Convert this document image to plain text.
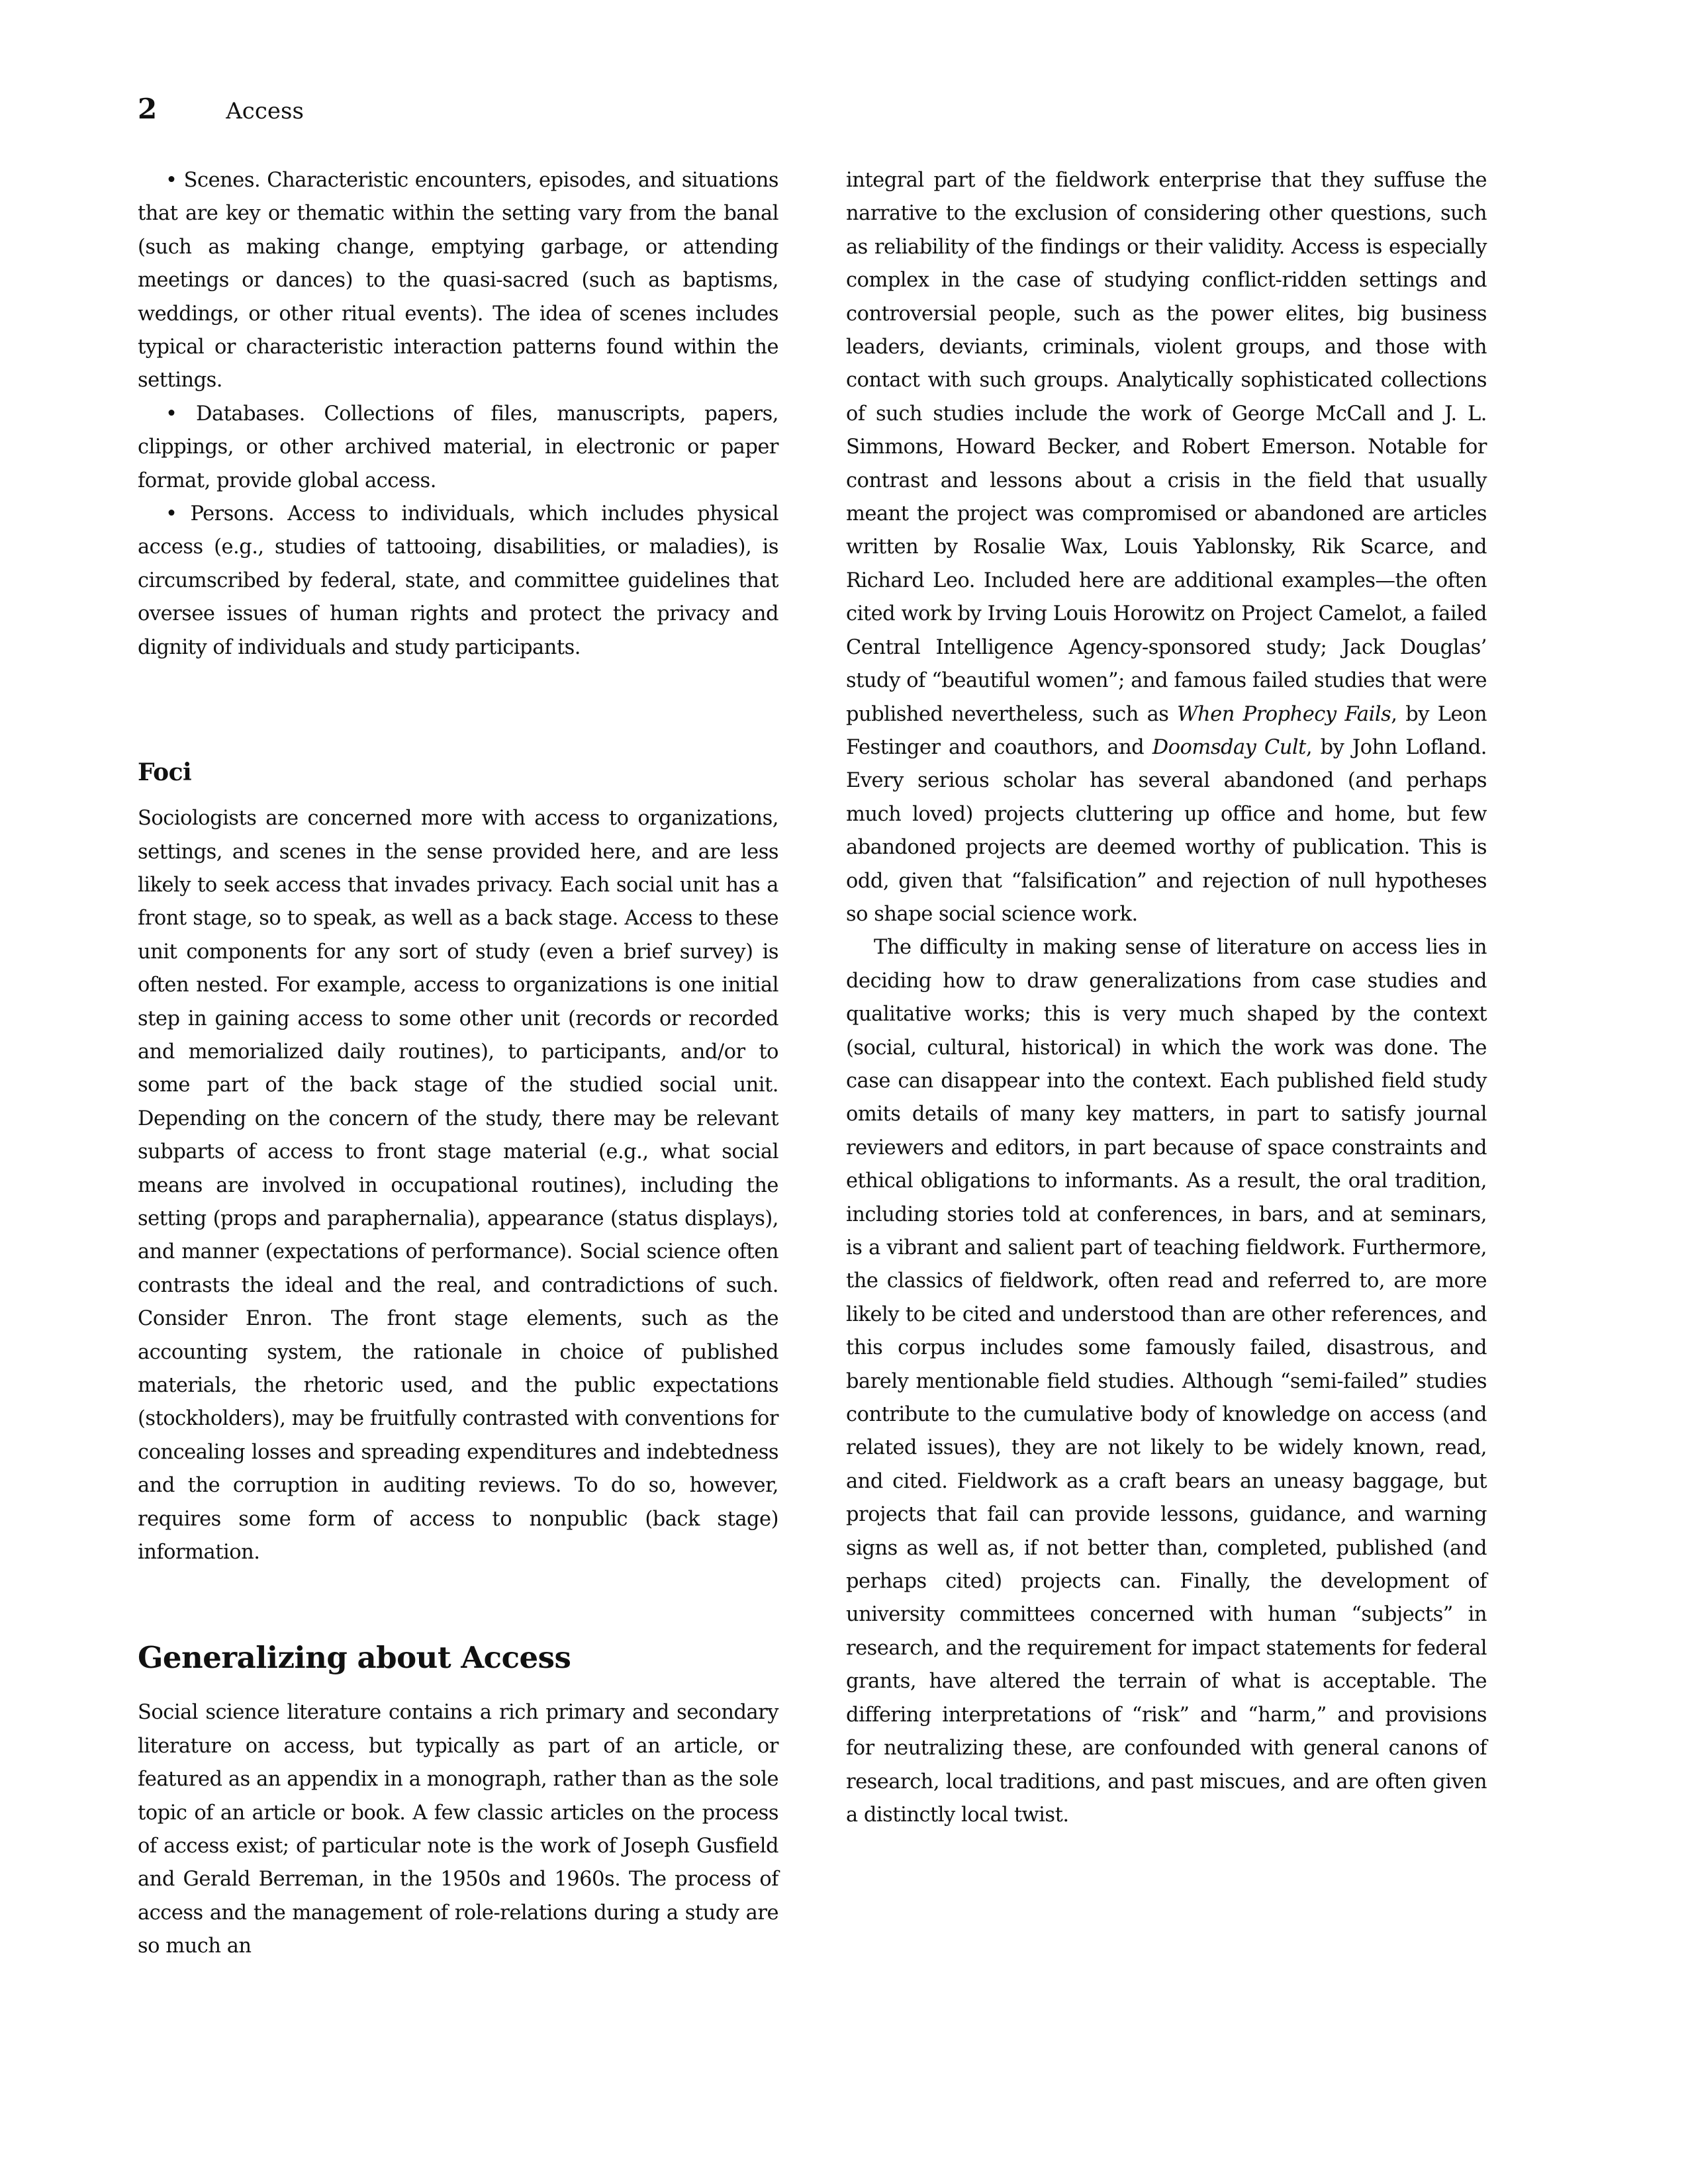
2	Access

• Scenes. Characteristic encounters, episodes, and situations that are key or thematic within the setting vary from the banal (such as making change, emptying garbage, or attending meetings or dances) to the quasi-sacred (such as baptisms, weddings, or other ritual events). The idea of scenes includes typical or characteristic interaction patterns found within the settings.

• Databases. Collections of files, manuscripts, papers, clippings, or other archived material, in electronic or paper format, provide global access.

• Persons. Access to individuals, which includes physical access (e.g., studies of tattooing, disabilities, or maladies), is circumscribed by federal, state, and committee guidelines that oversee issues of human rights and protect the privacy and dignity of individuals and study participants.

Foci

Sociologists are concerned more with access to organizations, settings, and scenes in the sense provided here, and are less likely to seek access that invades privacy. Each social unit has a front stage, so to speak, as well as a back stage. Access to these unit components for any sort of study (even a brief survey) is often nested. For example, access to organizations is one initial step in gaining access to some other unit (records or recorded and memorialized daily routines), to participants, and/or to some part of the back stage of the studied social unit. Depending on the concern of the study, there may be relevant subparts of access to front stage material (e.g., what social means are involved in occupational routines), including the setting (props and paraphernalia), appearance (status displays), and manner (expectations of performance). Social science often contrasts the ideal and the real, and contradictions of such. Consider Enron. The front stage elements, such as the accounting system, the rationale in choice of published materials, the rhetoric used, and the public expectations (stockholders), may be fruitfully contrasted with conventions for concealing losses and spreading expenditures and indebtedness and the corruption in auditing reviews. To do so, however, requires some form of access to nonpublic (back stage) information.

Generalizing about Access

Social science literature contains a rich primary and secondary literature on access, but typically as part of an article, or featured as an appendix in a monograph, rather than as the sole topic of an article or book. A few classic articles on the process of access exist; of particular note is the work of Joseph Gusfield and Gerald Berreman, in the 1950s and 1960s. The process of access and the management of role-relations during a study are so much an

integral part of the fieldwork enterprise that they suffuse the narrative to the exclusion of considering other questions, such as reliability of the findings or their validity. Access is especially complex in the case of studying conflict-ridden settings and controversial people, such as the power elites, big business leaders, deviants, criminals, violent groups, and those with contact with such groups. Analytically sophisticated collections of such studies include the work of George McCall and J. L. Simmons, Howard Becker, and Robert Emerson. Notable for contrast and lessons about a crisis in the field that usually meant the project was compromised or abandoned are articles written by Rosalie Wax, Louis Yablonsky, Rik Scarce, and Richard Leo. Included here are additional examples—the often cited work by Irving Louis Horowitz on Project Camelot, a failed Central Intelligence Agency-sponsored study; Jack Douglas’ study of “beautiful women”; and famous failed studies that were published nevertheless, such as When Prophecy Fails, by Leon Festinger and coauthors, and Doomsday Cult, by John Lofland. Every serious scholar has several abandoned (and perhaps much loved) projects cluttering up office and home, but few abandoned projects are deemed worthy of publication. This is odd, given that “falsification” and rejection of null hypotheses so shape social science work.

The difficulty in making sense of literature on access lies in deciding how to draw generalizations from case studies and qualitative works; this is very much shaped by the context (social, cultural, historical) in which the work was done. The case can disappear into the context. Each published field study omits details of many key matters, in part to satisfy journal reviewers and editors, in part because of space constraints and ethical obligations to informants. As a result, the oral tradition, including stories told at conferences, in bars, and at seminars, is a vibrant and salient part of teaching fieldwork. Furthermore, the classics of fieldwork, often read and referred to, are more likely to be cited and understood than are other references, and this corpus includes some famously failed, disastrous, and barely mentionable field studies. Although “semi-failed” studies contribute to the cumulative body of knowledge on access (and related issues), they are not likely to be widely known, read, and cited. Fieldwork as a craft bears an uneasy baggage, but projects that fail can provide lessons, guidance, and warning signs as well as, if not better than, completed, published (and perhaps cited) projects can. Finally, the development of university committees concerned with human “subjects” in research, and the requirement for impact statements for federal grants, have altered the terrain of what is acceptable. The differing interpretations of “risk” and “harm,” and provisions for neutralizing these, are confounded with general canons of research, local traditions, and past miscues, and are often given a distinctly local twist.
